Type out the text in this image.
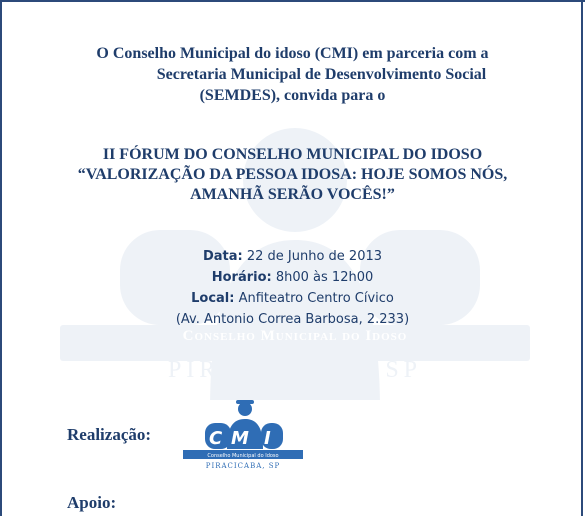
Conselho Municipal do Idoso
PIRACICABA, SP
O Conselho Municipal do idoso (CMI) em parceria com a
Secretaria Municipal de Desenvolvimento Social
(SEMDES), convida para o
II FÓRUM DO CONSELHO MUNICIPAL DO IDOSO
“VALORIZAÇÃO DA PESSOA IDOSA: HOJE SOMOS NÓS,
AMANHÃ SERÃO VOCÊS!”
Data: 22 de Junho de 2013
Horário: 8h00 às 12h00
Local: Anfiteatro Centro Cívico
(Av. Antonio Correa Barbosa, 2.233)
Realização:	C M I
Conselho Municipal do Idoso
PIRACICABA, SP
Apoio:
